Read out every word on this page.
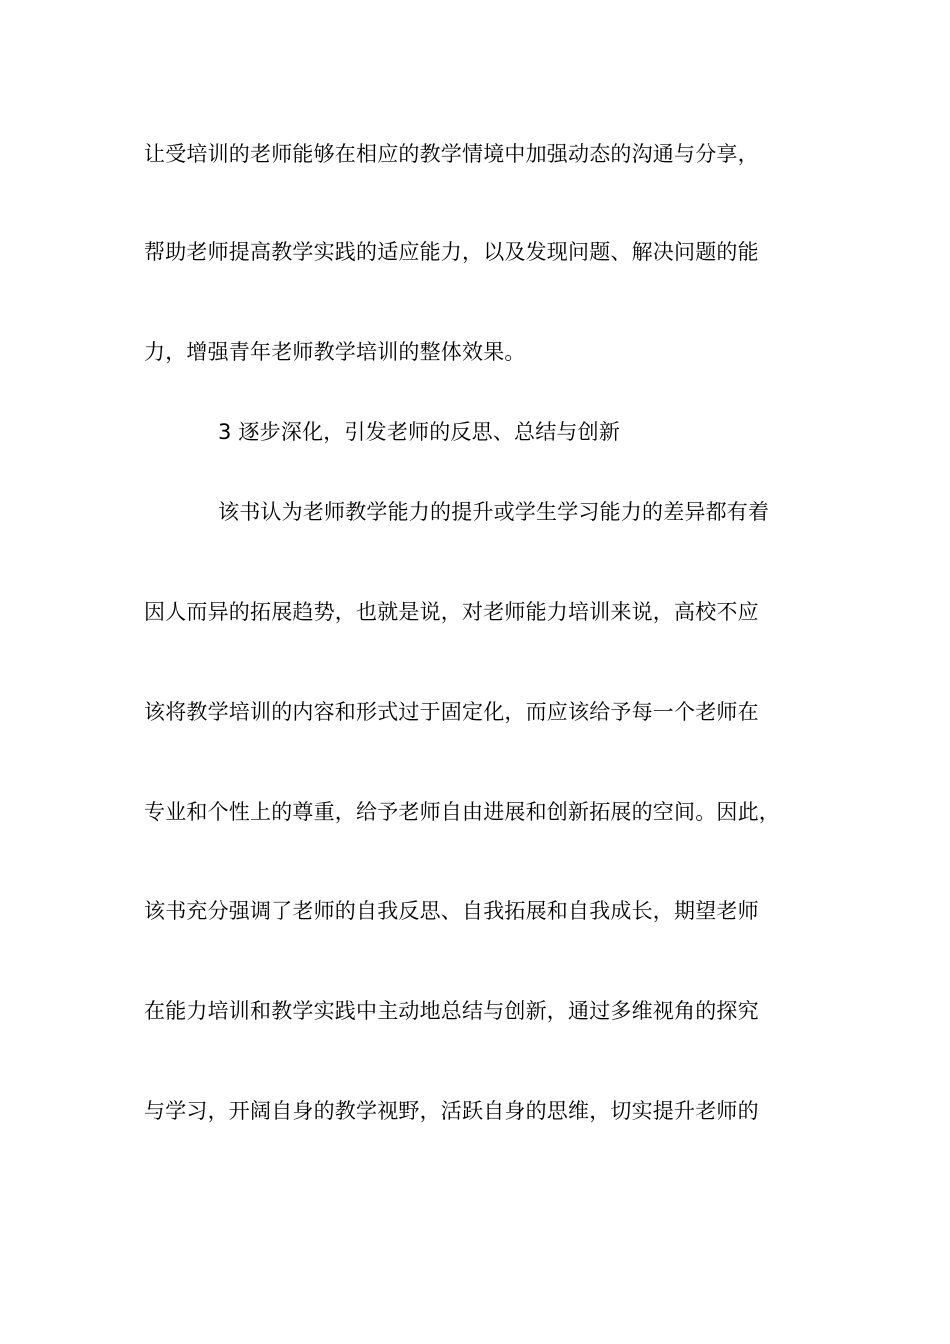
让受培训的老师能够在相应的教学情境中加强动态的沟通与分享，
帮助老师提高教学实践的适应能力，以及发现问题、解决问题的能
力，增强青年老师教学培训的整体效果。
3 逐步深化，引发老师的反思、总结与创新
该书认为老师教学能力的提升或学生学习能力的差异都有着
因人而异的拓展趋势，也就是说，对老师能力培训来说，高校不应
该将教学培训的内容和形式过于固定化，而应该给予每一个老师在
专业和个性上的尊重，给予老师自由进展和创新拓展的空间。因此，
该书充分强调了老师的自我反思、自我拓展和自我成长，期望老师
在能力培训和教学实践中主动地总结与创新，通过多维视角的探究
与学习，开阔自身的教学视野，活跃自身的思维，切实提升老师的
